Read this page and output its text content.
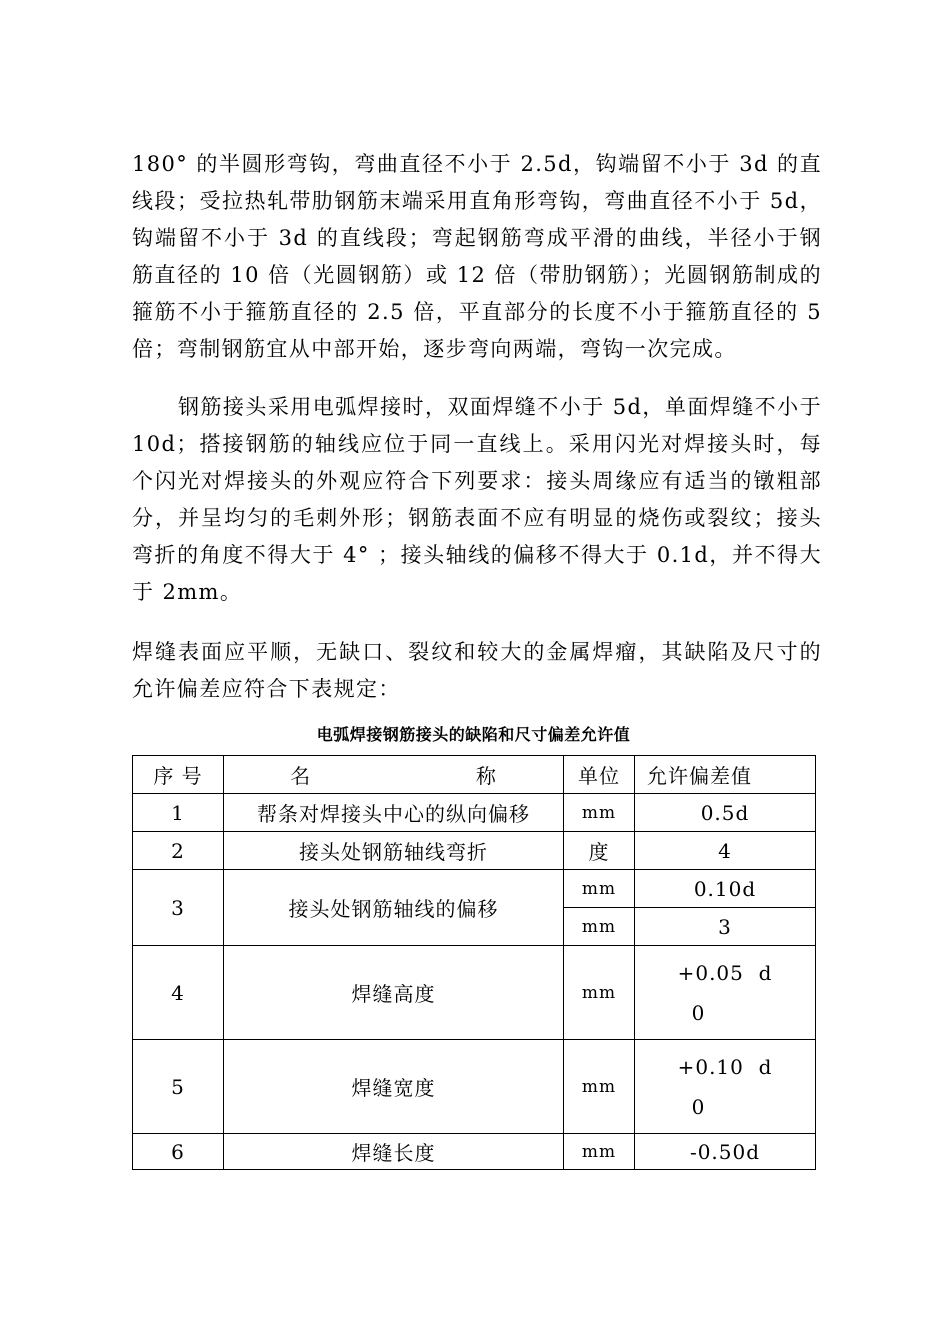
180° 的半圆形弯钩，弯曲直径不小于 2.5d，钩端留不小于 3d 的直线段；受拉热轧带肋钢筋末端采用直角形弯钩，弯曲直径不小于 5d，钩端留不小于 3d 的直线段；弯起钢筋弯成平滑的曲线，半径小于钢筋直径的 10 倍（光圆钢筋）或 12 倍（带肋钢筋）；光圆钢筋制成的箍筋不小于箍筋直径的 2.5 倍，平直部分的长度不小于箍筋直径的 5 倍；弯制钢筋宜从中部开始，逐步弯向两端，弯钩一次完成。

钢筋接头采用电弧焊接时，双面焊缝不小于 5d，单面焊缝不小于 10d；搭接钢筋的轴线应位于同一直线上。采用闪光对焊接头时，每个闪光对焊接头的外观应符合下列要求：接头周缘应有适当的镦粗部分，并呈均匀的毛刺外形；钢筋表面不应有明显的烧伤或裂纹；接头弯折的角度不得大于 4° ；接头轴线的偏移不得大于 0.1d，并不得大于 2mm。

焊缝表面应平顺，无缺口、裂纹和较大的金属焊瘤，其缺陷及尺寸的允许偏差应符合下表规定：

电弧焊接钢筋接头的缺陷和尺寸偏差允许值
序 号	名 称	单位	允许偏差值
1	帮条对焊接头中心的纵向偏移	mm	0.5d
2	接头处钢筋轴线弯折	度	4
3	接头处钢筋轴线的偏移	mm	0.10d
		mm	3
4	焊缝高度	mm	+0.05  d
0

5	焊缝宽度	mm	+0.10  d
0

6	焊缝长度	mm	-0.50d
